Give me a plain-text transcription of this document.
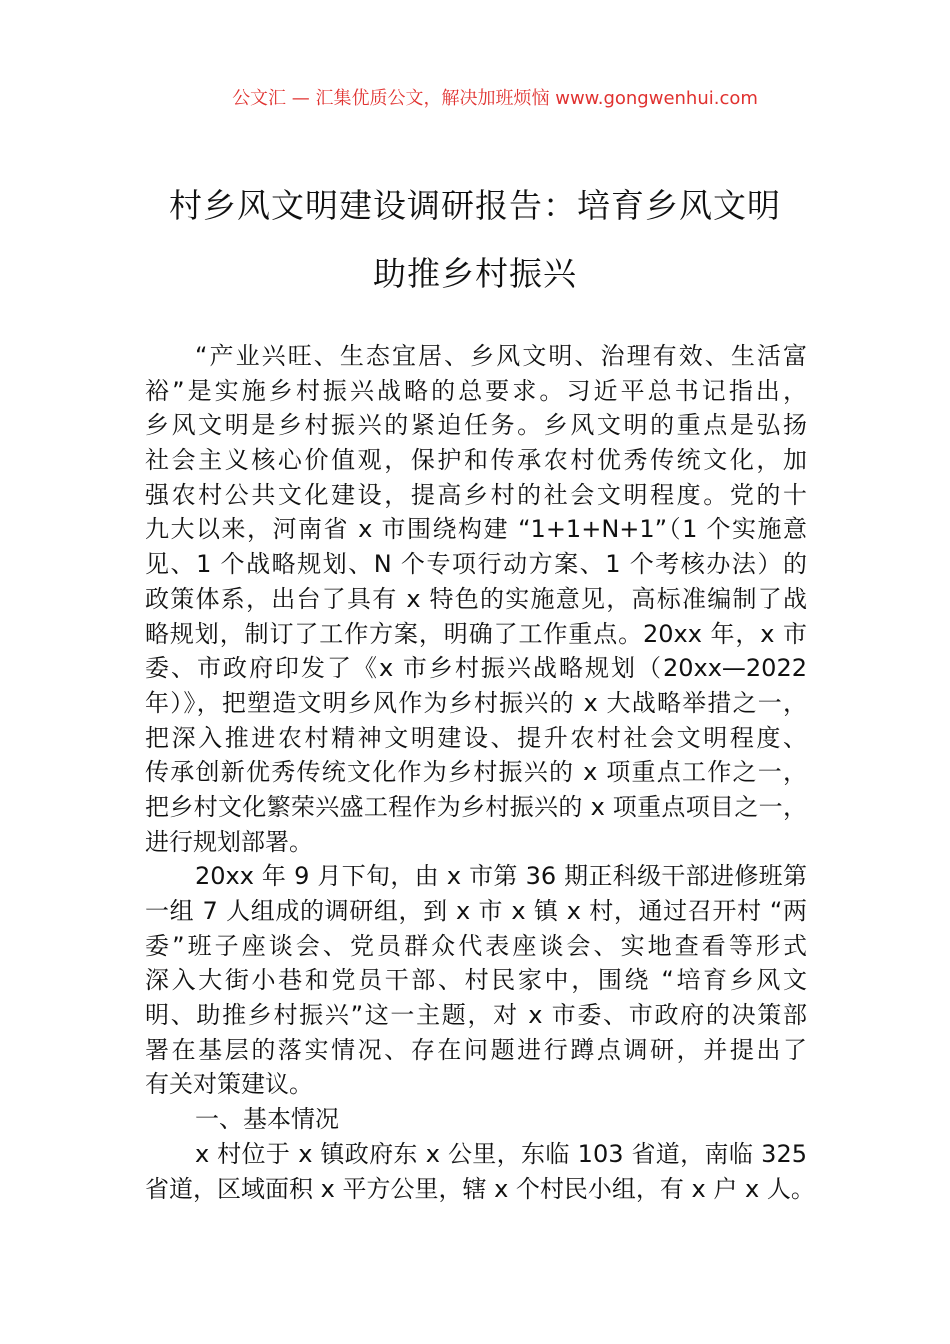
公文汇 — 汇集优质公文，解决加班烦恼 www.gongwenhui.com
村乡风文明建设调研报告：培育乡风文明
助推乡村振兴
“产业兴旺、生态宜居、乡风文明、治理有效、生活富
裕”是实施乡村振兴战略的总要求。习近平总书记指出，
乡风文明是乡村振兴的紧迫任务。乡风文明的重点是弘扬
社会主义核心价值观，保护和传承农村优秀传统文化，加
强农村公共文化建设，提高乡村的社会文明程度。党的十
九大以来，河南省 x 市围绕构建 “1+1+N+1”（1 个实施意
见、1 个战略规划、N 个专项行动方案、1 个考核办法）的
政策体系，出台了具有 x 特色的实施意见，高标准编制了战
略规划，制订了工作方案，明确了工作重点。20xx 年，x 市
委、市政府印发了《x 市乡村振兴战略规划（20xx—2022
年）》，把塑造文明乡风作为乡村振兴的 x 大战略举措之一，
把深入推进农村精神文明建设、提升农村社会文明程度、
传承创新优秀传统文化作为乡村振兴的 x 项重点工作之一，
把乡村文化繁荣兴盛工程作为乡村振兴的 x 项重点项目之一，
进行规划部署。
20xx 年 9 月下旬，由 x 市第 36 期正科级干部进修班第
一组 7 人组成的调研组，到 x 市 x 镇 x 村，通过召开村 “两
委”班子座谈会、党员群众代表座谈会、实地查看等形式
深入大街小巷和党员干部、村民家中，围绕 “培育乡风文
明、助推乡村振兴”这一主题，对 x 市委、市政府的决策部
署在基层的落实情况、存在问题进行蹲点调研，并提出了
有关对策建议。
一、基本情况
x 村位于 x 镇政府东 x 公里，东临 103 省道，南临 325
省道，区域面积 x 平方公里，辖 x 个村民小组，有 x 户 x 人。
